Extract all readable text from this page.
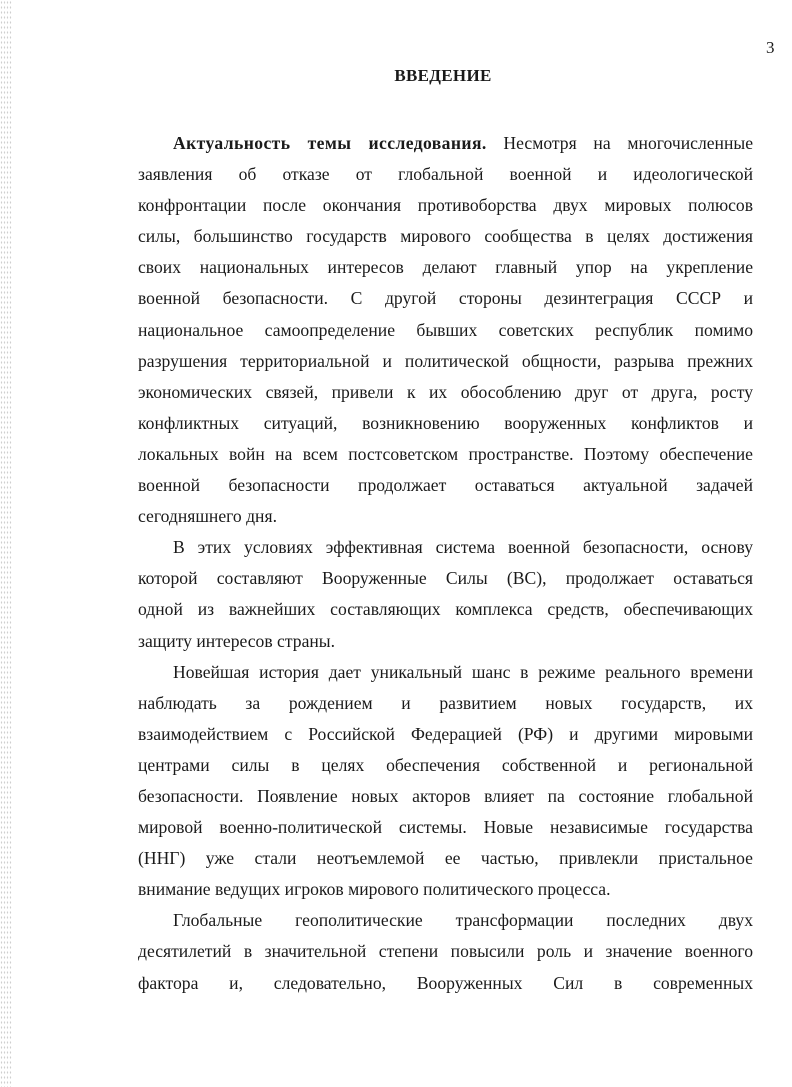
3
ВВЕДЕНИЕ
Актуальность темы исследования. Несмотря на многочисленные
заявления об отказе от глобальной военной и идеологической
конфронтации после окончания противоборства двух мировых полюсов
силы, большинство государств мирового сообщества в целях достижения
своих национальных интересов делают главный упор на укрепление
военной безопасности. С другой стороны дезинтеграция СССР и
национальное самоопределение бывших советских республик помимо
разрушения территориальной и политической общности, разрыва прежних
экономических связей, привели к их обособлению друг от друга, росту
конфликтных ситуаций, возникновению вооруженных конфликтов и
локальных войн на всем постсоветском пространстве. Поэтому обеспечение
военной безопасности продолжает оставаться актуальной задачей
сегодняшнего дня.
В этих условиях эффективная система военной безопасности, основу
которой составляют Вооруженные Силы (ВС), продолжает оставаться
одной из важнейших составляющих комплекса средств, обеспечивающих
защиту интересов страны.
Новейшая история дает уникальный шанс в режиме реального времени
наблюдать за рождением и развитием новых государств, их
взаимодействием с Российской Федерацией (РФ) и другими мировыми
центрами силы в целях обеспечения собственной и региональной
безопасности. Появление новых акторов влияет па состояние глобальной
мировой военно-политической системы. Новые независимые государства
(ННГ) уже стали неотъемлемой ее частью, привлекли пристальное
внимание ведущих игроков мирового политического процесса.
Глобальные геополитические трансформации последних двух
десятилетий в значительной степени повысили роль и значение военного
фактора и, следовательно, Вооруженных Сил в современных
